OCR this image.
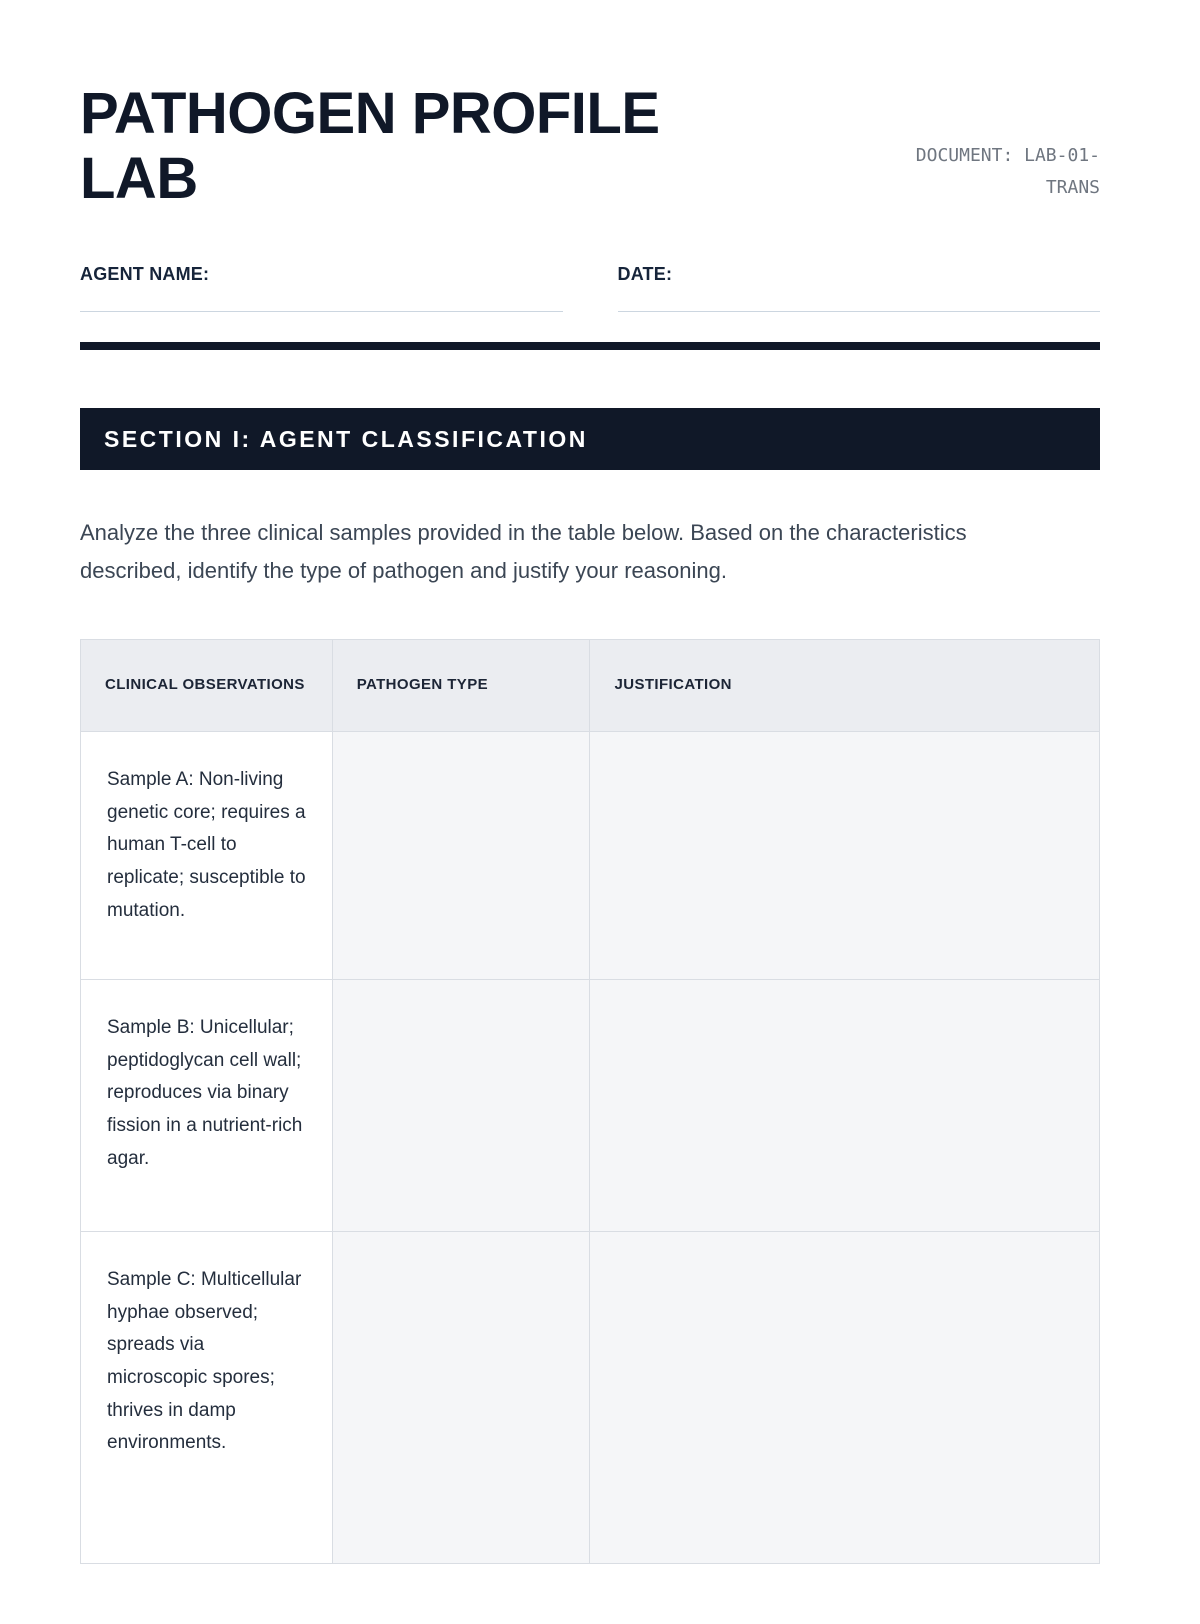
PATHOGEN PROFILE LAB	DOCUMENT: LAB-01-TRANS
AGENT NAME:	DATE:
SECTION I: AGENT CLASSIFICATION

Analyze the three clinical samples provided in the table below. Based on the characteristics described, identify the type of pathogen and justify your reasoning.

CLINICAL OBSERVATIONS	PATHOGEN TYPE	JUSTIFICATION
Sample A: Non-living genetic core; requires a human T-cell to replicate; susceptible to mutation.		
Sample B: Unicellular; peptidoglycan cell wall; reproduces via binary fission in a nutrient-rich agar.		
Sample C: Multicellular hyphae observed; spreads via microscopic spores; thrives in damp environments.		
